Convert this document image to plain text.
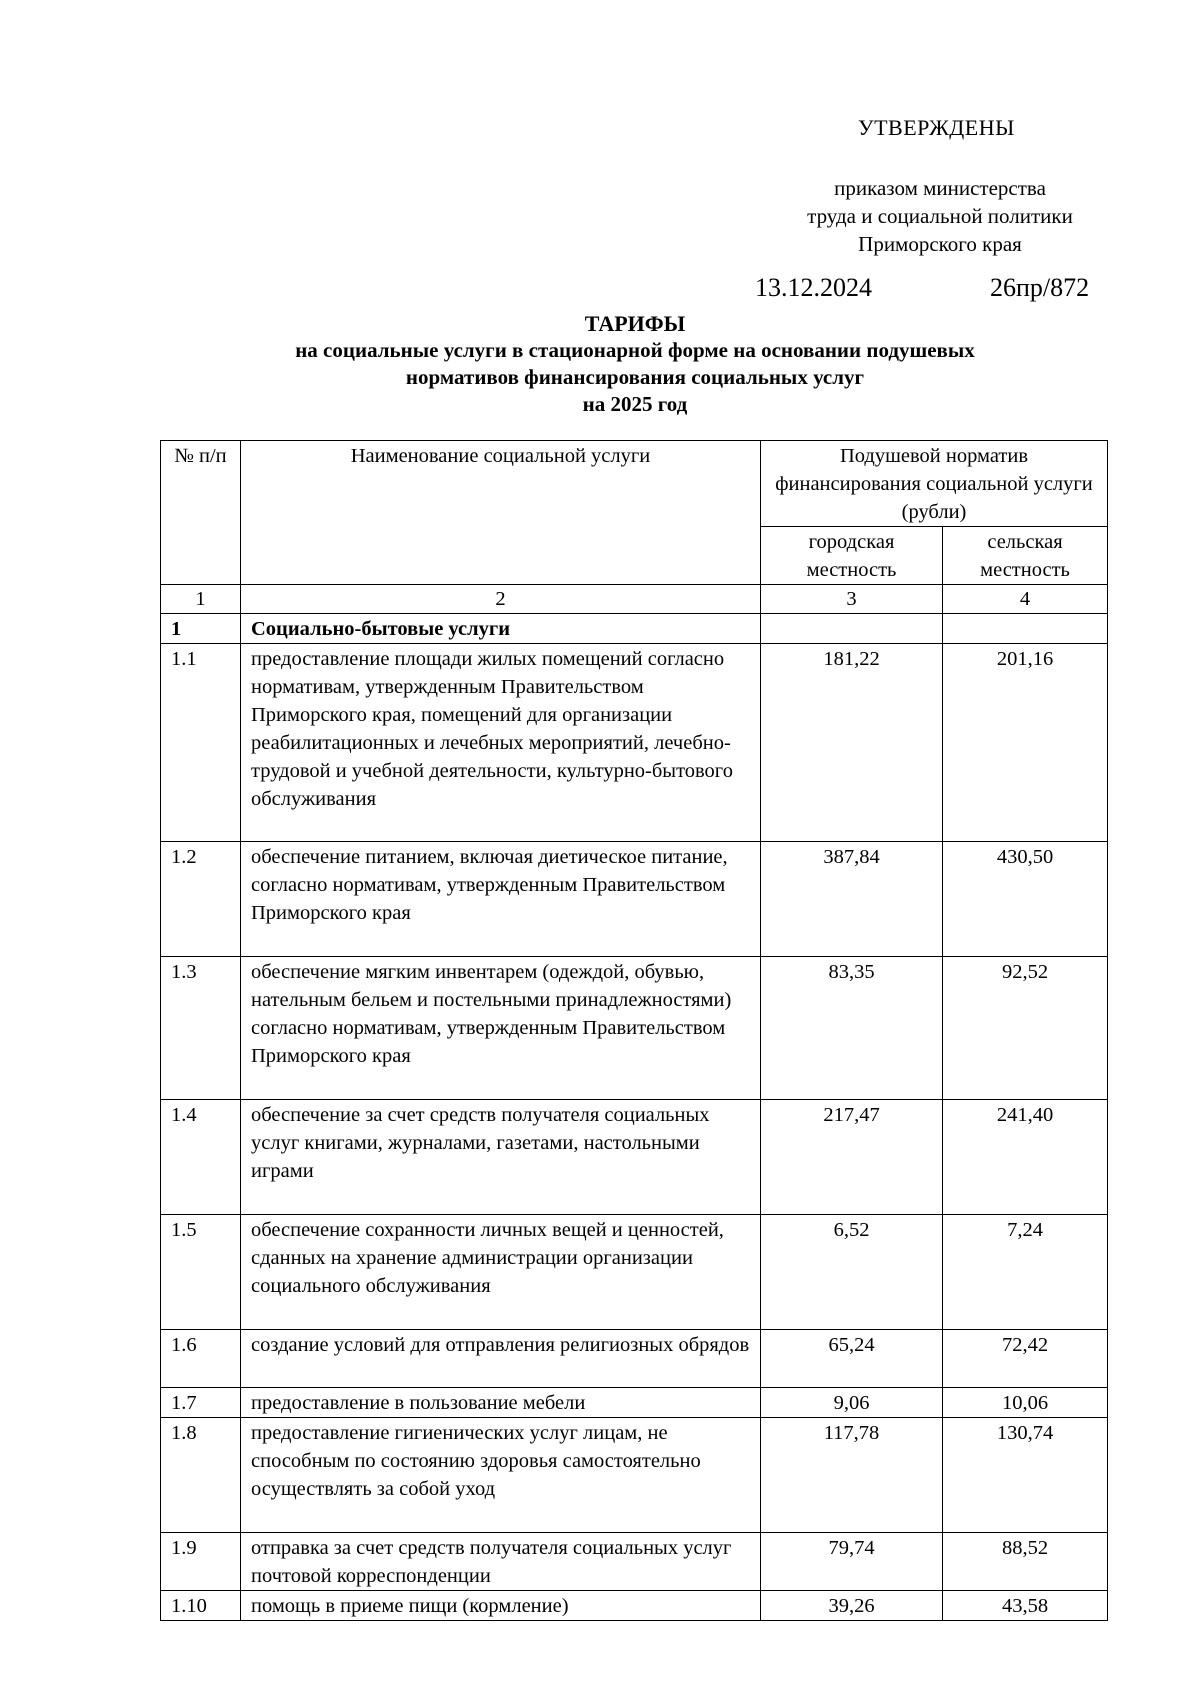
УТВЕРЖДЕНЫ
приказом министерства
труда и социальной политики
Приморского края
13.12.2024	26пр/872
ТАРИФЫ
на социальные услуги в стационарной форме на основании подушевых
нормативов финансирования социальных услуг
на 2025 год
№ п/п	Наименование социальной услуги	Подушевой норматив финансирования социальной услуги (рубли)	
		городская местность	сельская местность
1	2	3	4
1	Социально-бытовые услуги		
1.1	предоставление площади жилых помещений согласно нормативам, утвержденным Правительством Приморского края, помещений для организации реабилитационных и лечебных мероприятий, лечебно-трудовой и учебной деятельности, культурно-бытового обслуживания	181,22	201,16
1.2	обеспечение питанием, включая диетическое питание, согласно нормативам, утвержденным Правительством Приморского края	387,84	430,50
1.3	обеспечение мягким инвентарем (одеждой, обувью, нательным бельем и постельными принадлежностями) согласно нормативам, утвержденным Правительством Приморского края	83,35	92,52
1.4	обеспечение за счет средств получателя социальных услуг книгами, журналами, газетами, настольными играми	217,47	241,40
1.5	обеспечение сохранности личных вещей и ценностей, сданных на хранение администрации организации социального обслуживания	6,52	7,24
1.6	создание условий для отправления религиозных обрядов	65,24	72,42
1.7	предоставление в пользование мебели	9,06	10,06
1.8	предоставление гигиенических услуг лицам, не способным по состоянию здоровья самостоятельно осуществлять за собой уход	117,78	130,74
1.9	отправка за счет средств получателя социальных услуг почтовой корреспонденции	79,74	88,52
1.10	помощь в приеме пищи (кормление)	39,26	43,58
